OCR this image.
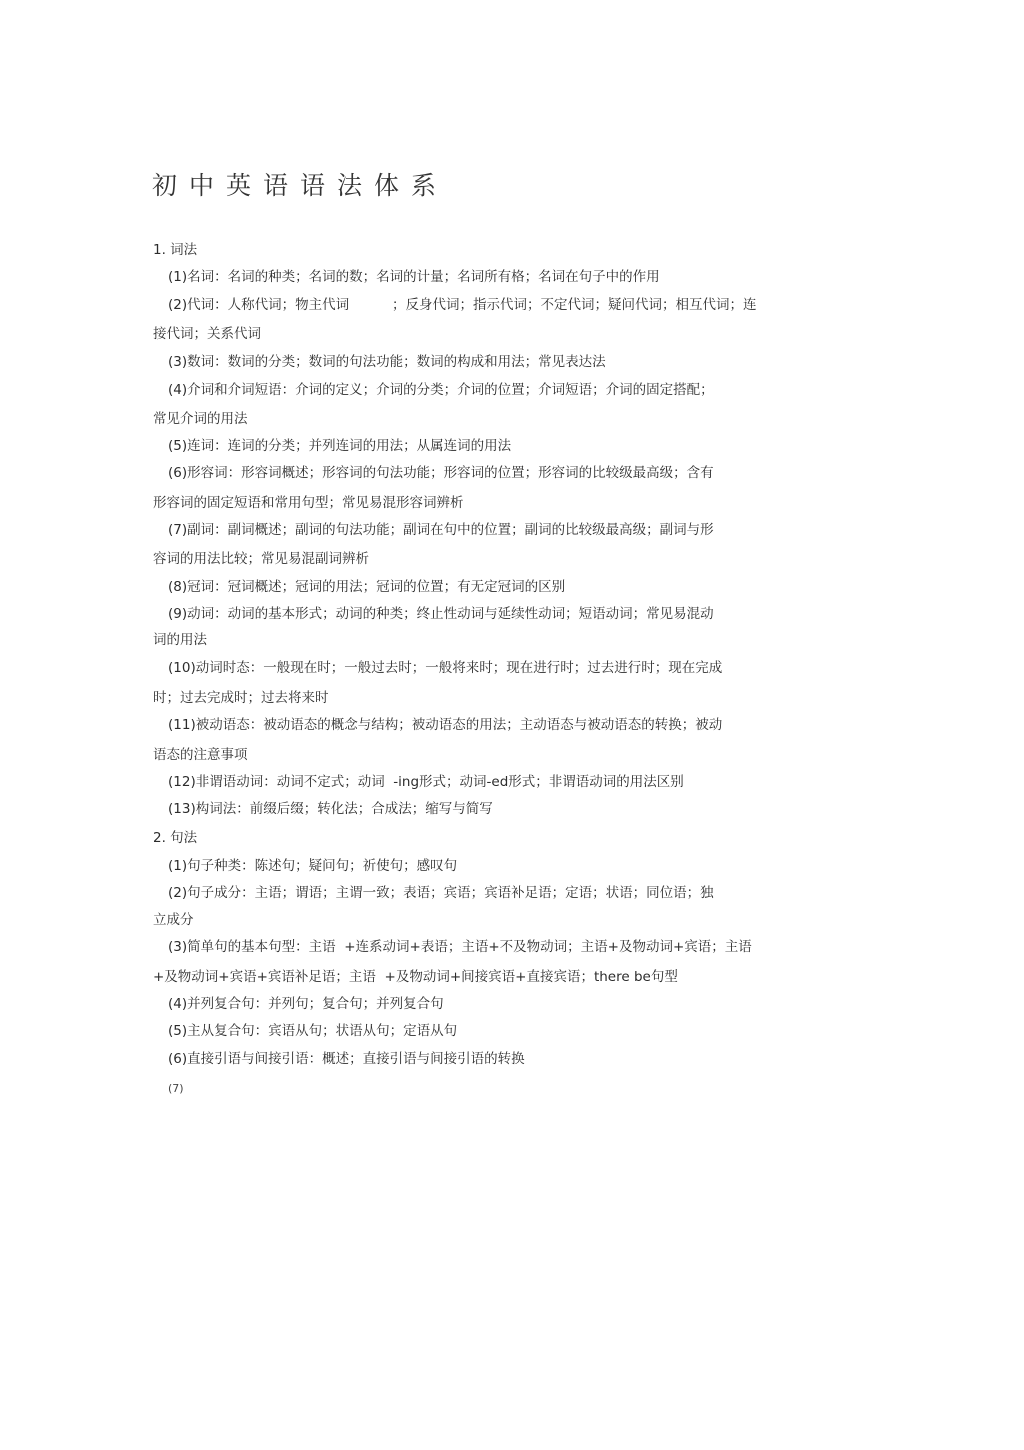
初中英语语法体系
1. 词法
(1)名词：名词的种类；名词的数；名词的计量；名词所有格；名词在句子中的作用
(2)代词：人称代词；物主代词          ；反身代词；指示代词；不定代词；疑问代词；相互代词；连
接代词；关系代词
(3)数词：数词的分类；数词的句法功能；数词的构成和用法；常见表达法
(4)介词和介词短语：介词的定义；介词的分类；介词的位置；介词短语；介词的固定搭配；
常见介词的用法
(5)连词：连词的分类；并列连词的用法；从属连词的用法
(6)形容词：形容词概述；形容词的句法功能；形容词的位置；形容词的比较级最高级；含有
形容词的固定短语和常用句型；常见易混形容词辨析
(7)副词：副词概述；副词的句法功能；副词在句中的位置；副词的比较级最高级；副词与形
容词的用法比较；常见易混副词辨析
(8)冠词：冠词概述；冠词的用法；冠词的位置；有无定冠词的区别
(9)动词：动词的基本形式；动词的种类；终止性动词与延续性动词；短语动词；常见易混动
词的用法
(10)动词时态：一般现在时；一般过去时；一般将来时；现在进行时；过去进行时；现在完成
时；过去完成时；过去将来时
(11)被动语态：被动语态的概念与结构；被动语态的用法；主动语态与被动语态的转换；被动
语态的注意事项
(12)非谓语动词：动词不定式；动词  -ing形式；动词-ed形式；非谓语动词的用法区别
(13)构词法：前缀后缀；转化法；合成法；缩写与简写
2. 句法
(1)句子种类：陈述句；疑问句；祈使句；感叹句
(2)句子成分：主语；谓语；主谓一致；表语；宾语；宾语补足语；定语；状语；同位语；独
立成分
(3)简单句的基本句型：主语  +连系动词+表语；主语+不及物动词；主语+及物动词+宾语；主语
+及物动词+宾语+宾语补足语；主语  +及物动词+间接宾语+直接宾语；there be句型
(4)并列复合句：并列句；复合句；并列复合句
(5)主从复合句：宾语从句；状语从句；定语从句
(6)直接引语与间接引语：概述；直接引语与间接引语的转换
(7)
